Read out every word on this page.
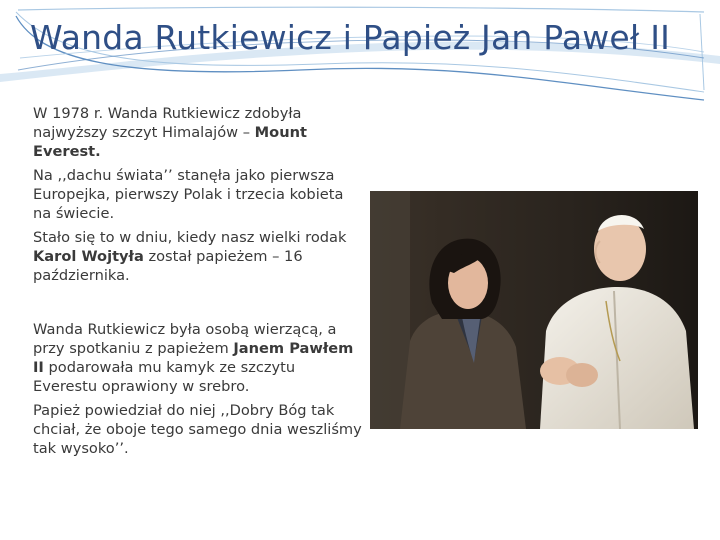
Wanda Rutkiewicz i Papież Jan Paweł II

W 1978 r. Wanda Rutkiewicz zdobyła najwyższy szczyt Himalajów – Mount Everest.

Na ,,dachu świata’’ stanęła jako pierwsza Europejka, pierwszy Polak i trzecia kobieta na świecie.

Stało się to w dniu, kiedy nasz wielki rodak Karol Wojtyła został papieżem – 16 października.

Wanda Rutkiewicz była osobą wierzącą, a przy spotkaniu z papieżem Janem Pawłem II podarowała mu kamyk ze szczytu Everestu oprawiony w srebro.

Papież powiedział do niej ,,Dobry Bóg tak chciał, że oboje tego samego dnia weszliśmy tak wysoko’’.
